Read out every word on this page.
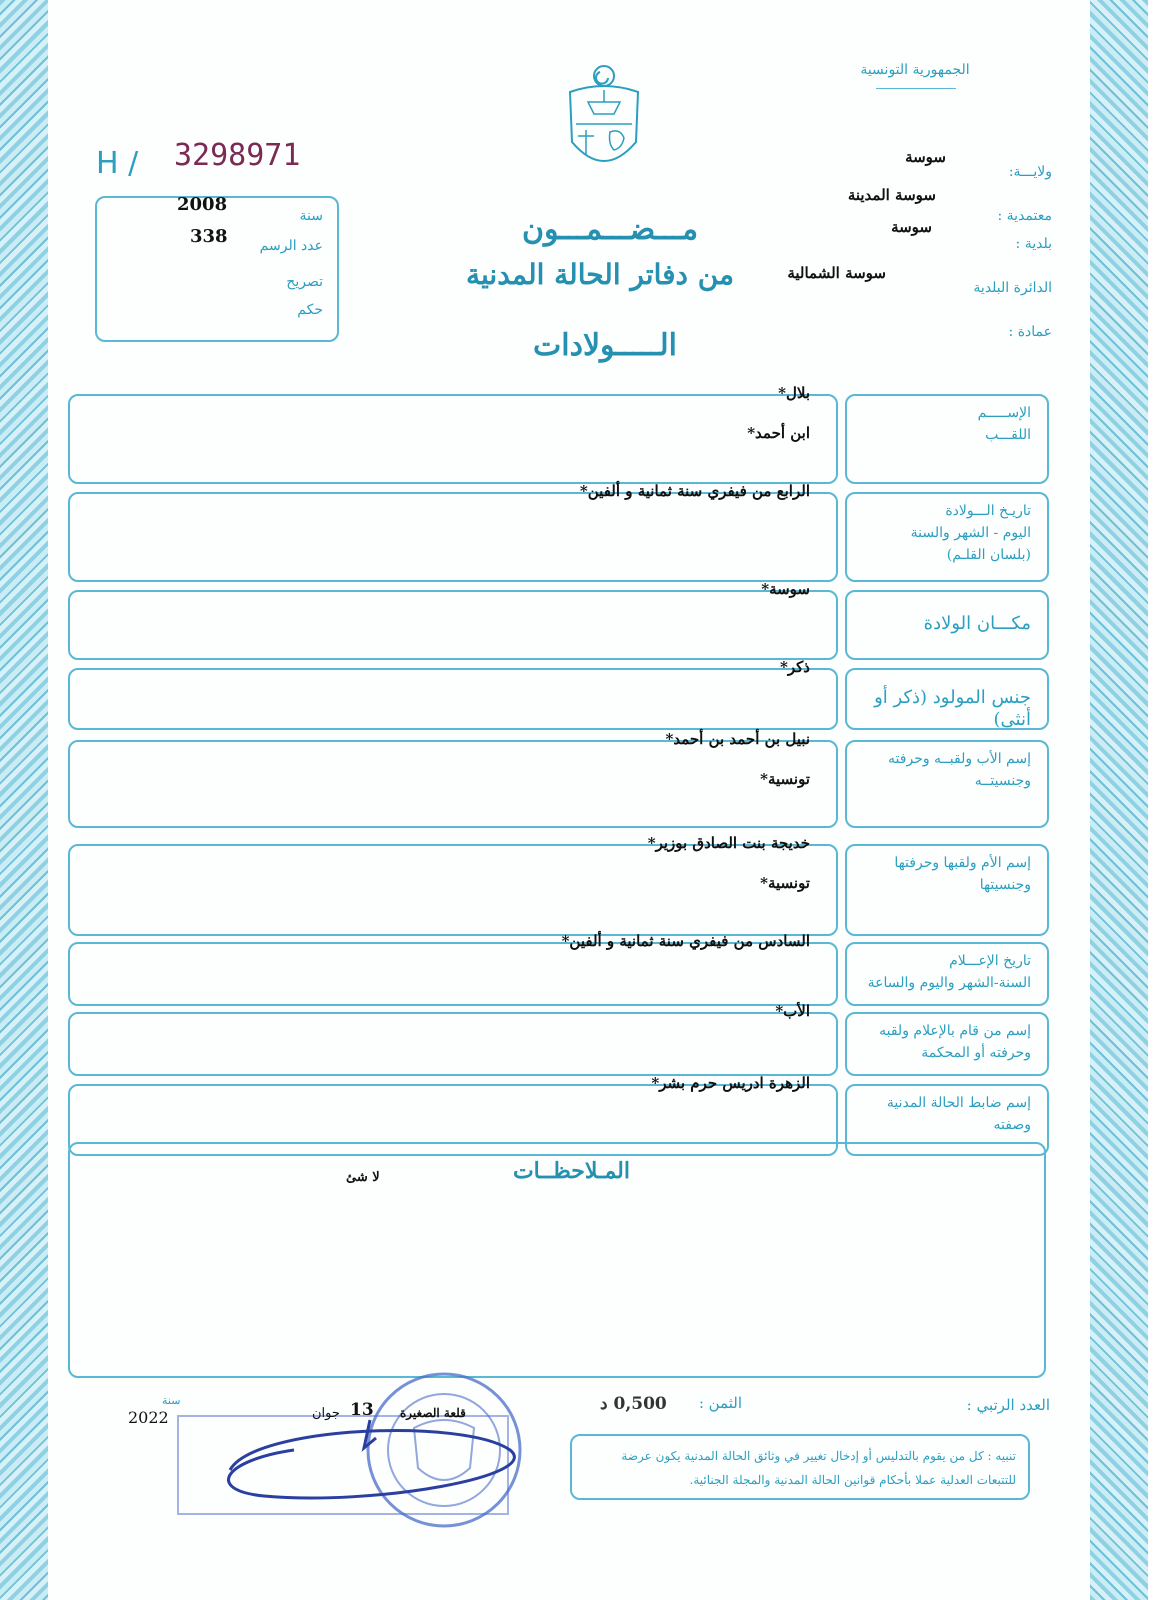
الجمهورية التونسية
H / 3298971
سنة
2008
عدد الرسم
338
تصريح
حكم
مـــضـــمـــون
من دفاتر الحالة المدنية
الـــــولادات
ولايـــة:
سوسة
معتمدية :
سوسة المدينة
بلدية :
سوسة
الدائرة البلدية
سوسة الشمالية
عمادة :
بلال*
ابن أحمد*
الإســـــم
اللقـــب
الرابع من فيفري سنة ثمانية و ألفين*
تاريـخ الـــولادة
اليوم - الشهر والسنة
(بلسان القلـم)
سوسة*
مكـــان الولادة
ذكر*
جنس المولود (ذكر أو أنثى)
نبيل بن أحمد بن أحمد*
تونسية*
إسم الأب ولقبــه وحرفته
وجنسيتــه
خديجة بنت الصادق بوزير*
تونسية*
إسم الأم ولقبها وحرفتها
وجنسيتها
السادس من فيفري سنة ثمانية و ألفين*
تاريخ الإعـــلام
السنة-الشهر واليوم والساعة
الأب*
إسم من قام بالإعلام ولقبه
وحرفته أو المحكمة
الزهرة ادريس حرم بشر*
إسم ضابط الحالة المدنية
وصفته
المـلاحظــات
لا شئ
العدد الرتبي :
الثمن :
0,500 د
قلعة الصغيرة
13
جوان
سنة
2022
تنبيه : كل من يقوم بالتدليس أو إدخال تغيير في وثائق الحالة المدنية يكون عرضة للتتبعات العدلية عملا بأحكام قوانين الحالة المدنية والمجلة الجنائية.
